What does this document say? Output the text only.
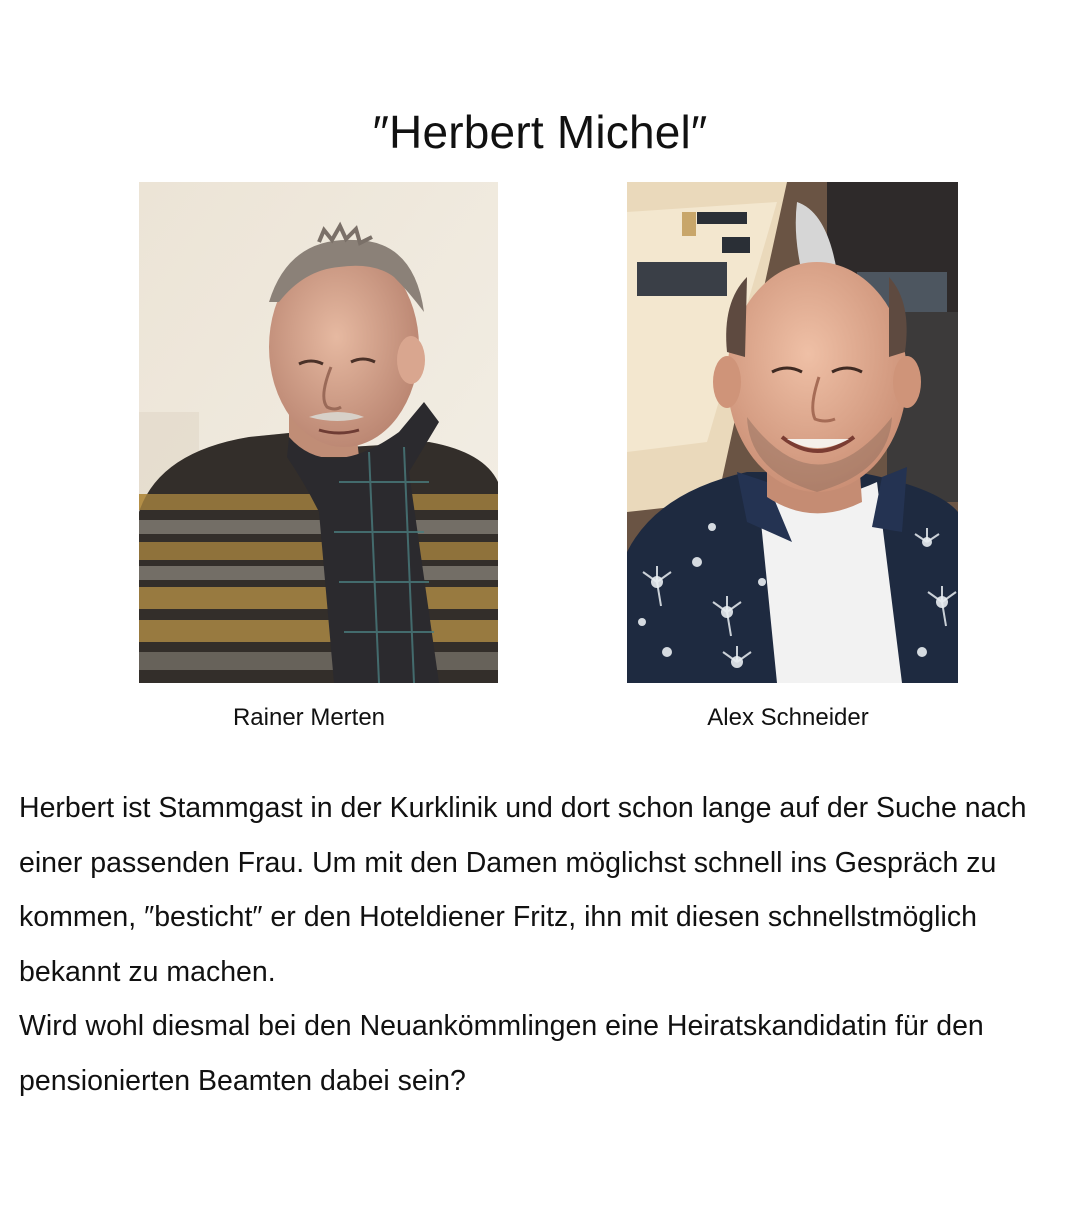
″Herbert Michel″
Rainer Merten	Alex Schneider

Herbert ist Stammgast in der Kurklinik und dort schon lange auf der Suche nach einer passenden Frau. Um mit den Damen möglichst schnell ins Gespräch zu kommen, ″besticht″ er den Hoteldiener Fritz, ihn mit diesen schnellstmöglich bekannt zu machen.

Wird wohl diesmal bei den Neuankömmlingen eine Heiratskandidatin für den pensionierten Beamten dabei sein?
